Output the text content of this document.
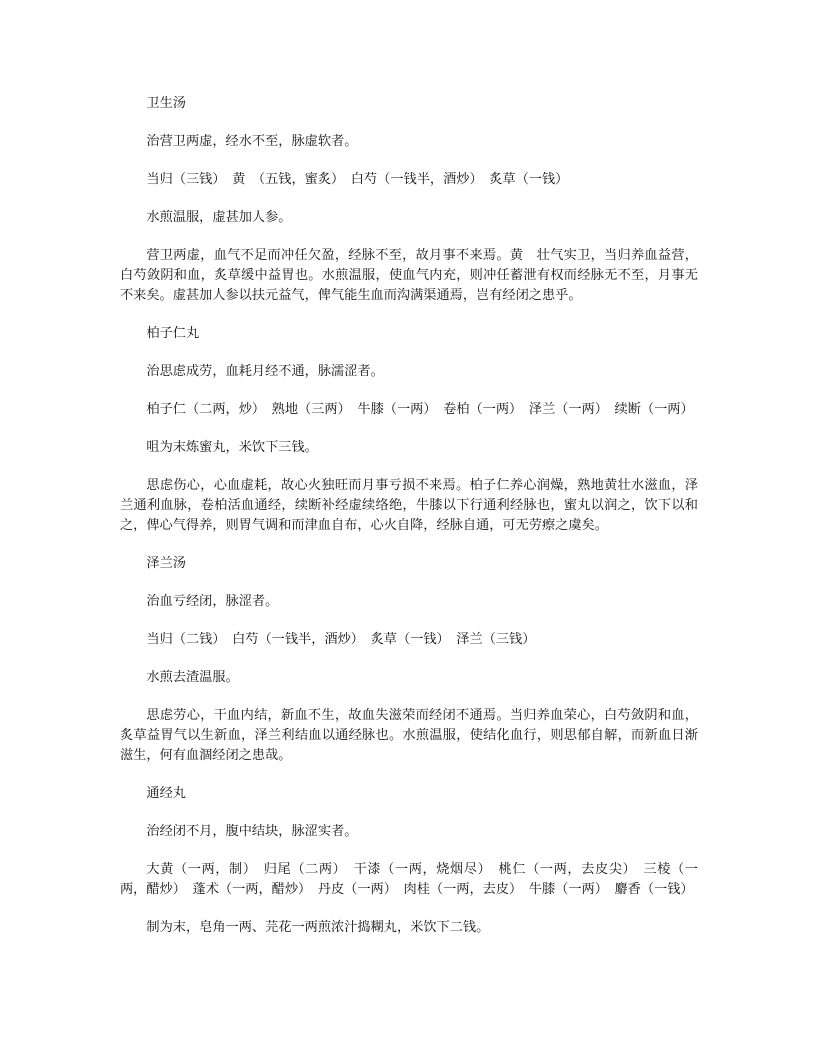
卫生汤

治营卫两虚，经水不至，脉虚软者。

当归（三钱）　黄　（五钱，蜜炙）　白芍（一钱半，酒炒）　炙草（一钱）

水煎温服，虚甚加人参。

营卫两虚，血气不足而冲任欠盈，经脉不至，故月事不来焉。黄　壮气实卫，当归养血益营，白芍敛阴和血，炙草缓中益胃也。水煎温服，使血气内充，则冲任蓄泄有权而经脉无不至，月事无不来矣。虚甚加人参以扶元益气，俾气能生血而沟满渠通焉，岂有经闭之患乎。

柏子仁丸

治思虑成劳，血耗月经不通，脉濡涩者。

柏子仁（二两，炒）　熟地（三两）　牛膝（一两）　卷柏（一两）　泽兰（一两）　续断（一两）

咀为末炼蜜丸，米饮下三钱。

思虑伤心，心血虚耗，故心火独旺而月事亏损不来焉。柏子仁养心润燥，熟地黄壮水滋血，泽兰通利血脉，卷柏活血通经，续断补经虚续络绝，牛膝以下行通利经脉也，蜜丸以润之，饮下以和之，俾心气得养，则胃气调和而津血自布，心火自降，经脉自通，可无劳瘵之虞矣。

泽兰汤

治血亏经闭，脉涩者。

当归（二钱）　白芍（一钱半，酒炒）　炙草（一钱）　泽兰（三钱）

水煎去渣温服。

思虑劳心，干血内结，新血不生，故血失滋荣而经闭不通焉。当归养血荣心，白芍敛阴和血，炙草益胃气以生新血，泽兰利结血以通经脉也。水煎温服，使结化血行，则思郁自解，而新血日渐滋生，何有血涸经闭之患哉。

通经丸

治经闭不月，腹中结块，脉涩实者。

大黄（一两，制）　归尾（二两）　干漆（一两，烧烟尽）　桃仁（一两，去皮尖）　三棱（一两，醋炒）　蓬术（一两，醋炒）　丹皮（一两）　肉桂（一两，去皮）　牛膝（一两）　麝香（一钱）

制为末，皂角一两、芫花一两煎浓汁捣糊丸，米饮下二钱。
